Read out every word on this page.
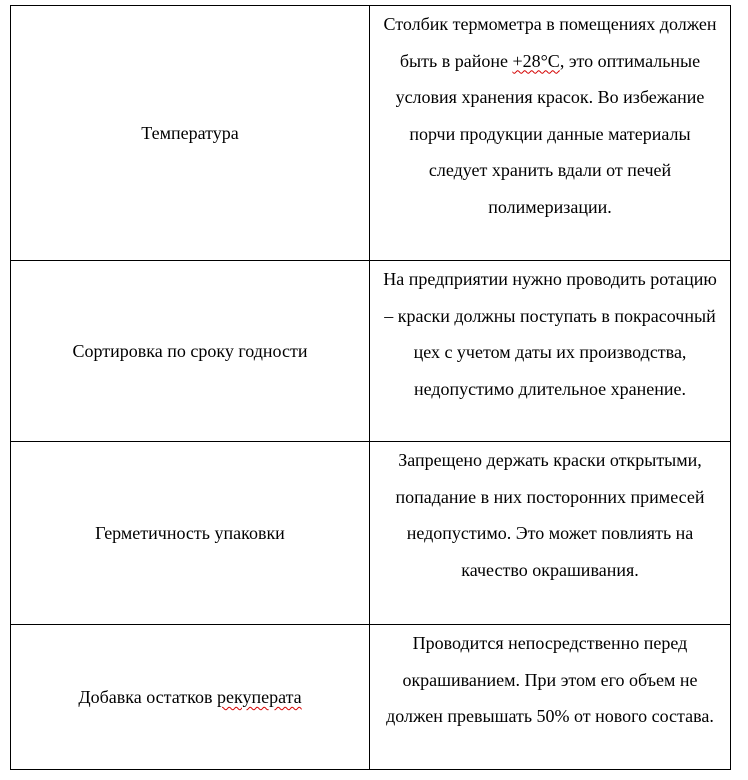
Температура	Столбик термометра в помещениях должен быть в районе +28°С, это оптимальные условия хранения красок. Во избежание порчи продукции данные материалы следует хранить вдали от печей полимеризации.
Сортировка по сроку годности	На предприятии нужно проводить ротацию – краски должны поступать в покрасочный цех с учетом даты их производства, недопустимо длительное хранение.
Герметичность упаковки	Запрещено держать краски открытыми, попадание в них посторонних примесей недопустимо. Это может повлиять на качество окрашивания.
Добавка остатков рекуперата	Проводится непосредственно перед окрашиванием. При этом его объем не должен превышать 50% от нового состава.
